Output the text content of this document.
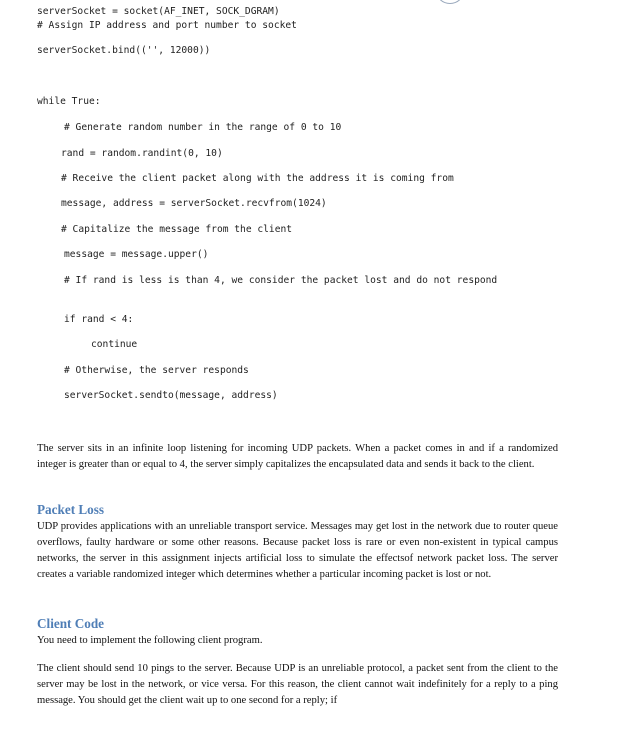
serverSocket = socket(AF_INET, SOCK_DGRAM)
# Assign IP address and port number to socket
serverSocket.bind(('', 12000))
while True:
# Generate random number in the range of 0 to 10
rand = random.randint(0, 10)
# Receive the client packet along with the address it is coming from
message, address = serverSocket.recvfrom(1024)
# Capitalize the message from the client
message = message.upper()
# If rand is less is than 4, we consider the packet lost and do not respond
if rand < 4:
continue
# Otherwise, the server responds
serverSocket.sendto(message, address)

The server sits in an infinite loop listening for incoming UDP packets. When a packet comes in and if a randomized integer is greater than or equal to 4, the server simply capitalizes the encapsulated data and sends it back to the client.

Packet Loss

UDP provides applications with an unreliable transport service. Messages may get lost in the network due to router queue overflows, faulty hardware or some other reasons. Because packet loss is rare or even non-existent in typical campus networks, the server in this assignment injects artificial loss to simulate the effectsof network packet loss. The server creates a variable randomized integer which determines whether a particular incoming packet is lost or not.

Client Code

You need to implement the following client program.

The client should send 10 pings to the server. Because UDP is an unreliable protocol, a packet sent from the client to the server may be lost in the network, or vice versa. For this reason, the client cannot wait indefinitely for a reply to a ping message. You should get the client wait up to one second for a reply; if
